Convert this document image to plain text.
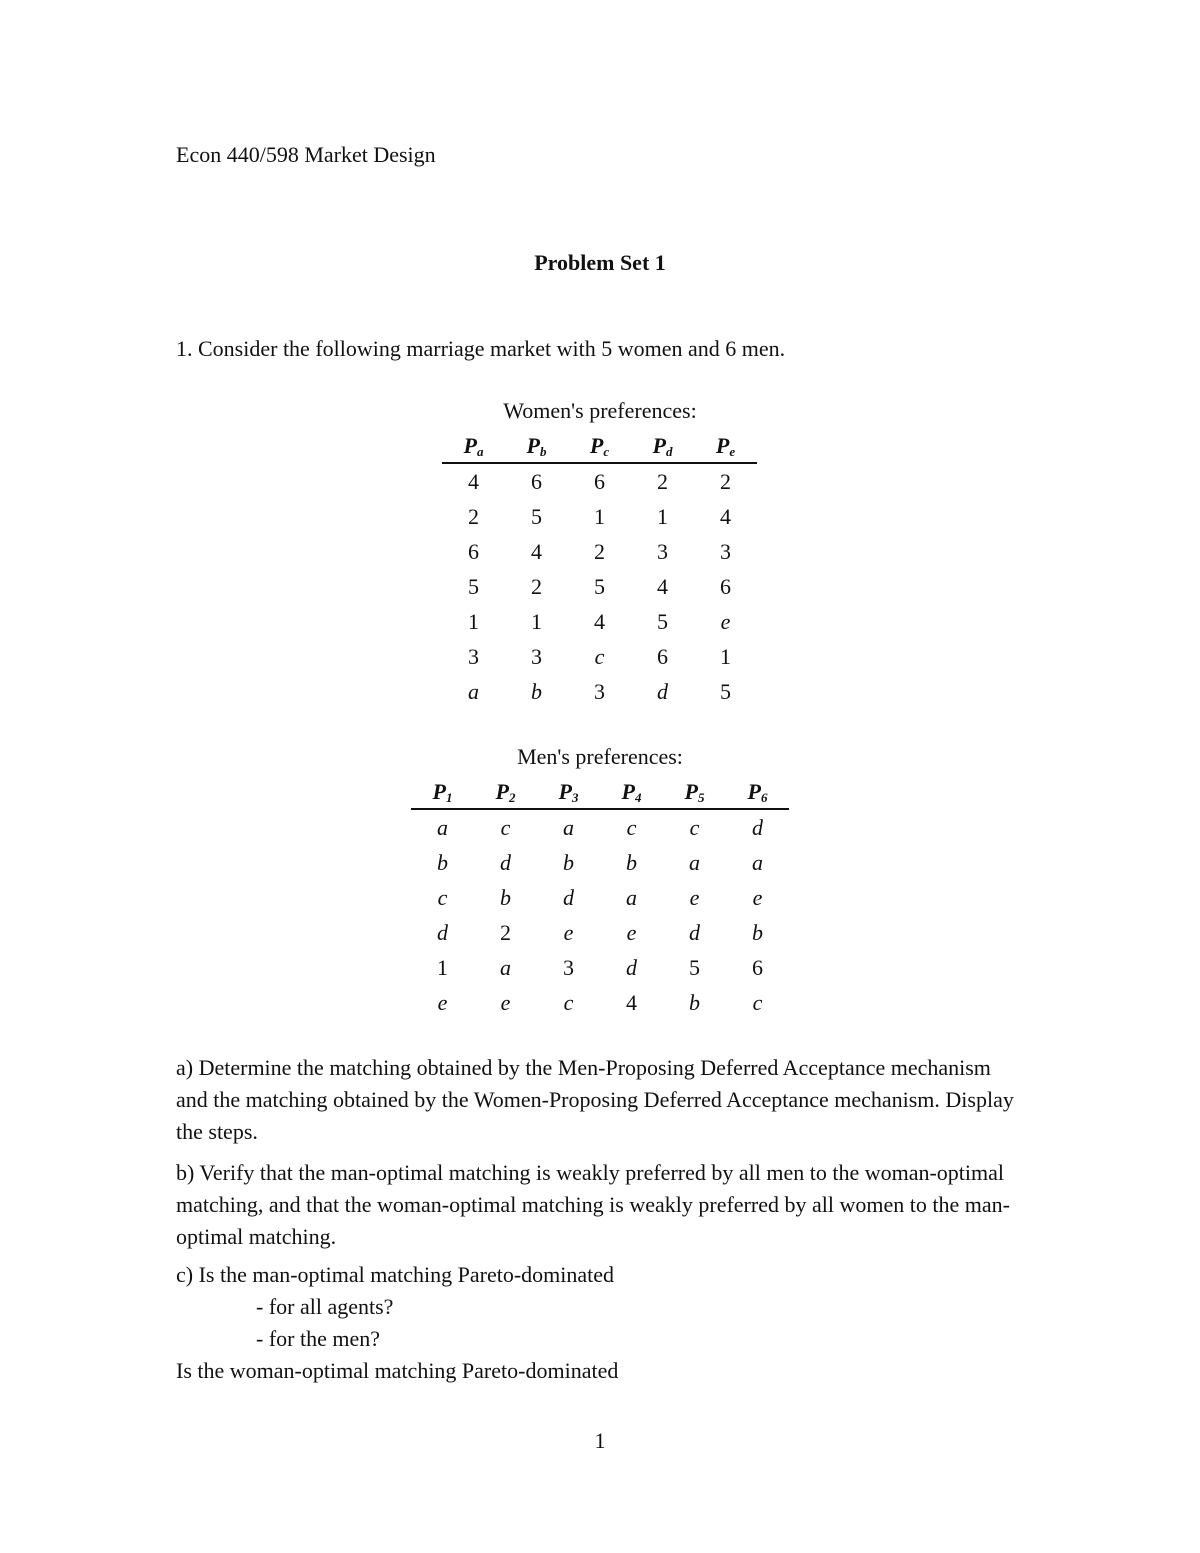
Econ 440/598 Market Design
Problem Set 1
1. Consider the following marriage market with 5 women and 6 men.
Women's preferences:
$P_a$	$P_b$	$P_c$	$P_d$	$P_e$
4	6	6	2	2
2	5	1	1	4
6	4	2	3	3
5	2	5	4	6
1	1	4	5	e
3	3	c	6	1
a	b	3	d	5
Men's preferences:
$P_1$	$P_2$	$P_3$	$P_4$	$P_5$	$P_6$
a	c	a	c	c	d
b	d	b	b	a	a
c	b	d	a	e	e
d	2	e	e	d	b
1	a	3	d	5	6
e	e	c	4	b	c

a) Determine the matching obtained by the Men-Proposing Deferred Acceptance mechanism and the matching obtained by the Women-Proposing Deferred Acceptance mechanism. Display the steps.

b) Verify that the man-optimal matching is weakly preferred by all men to the woman-optimal matching, and that the woman-optimal matching is weakly preferred by all women to the man-optimal matching.

c) Is the man-optimal matching Pareto-dominated
- for all agents?
- for the men?
Is the woman-optimal matching Pareto-dominated
1
